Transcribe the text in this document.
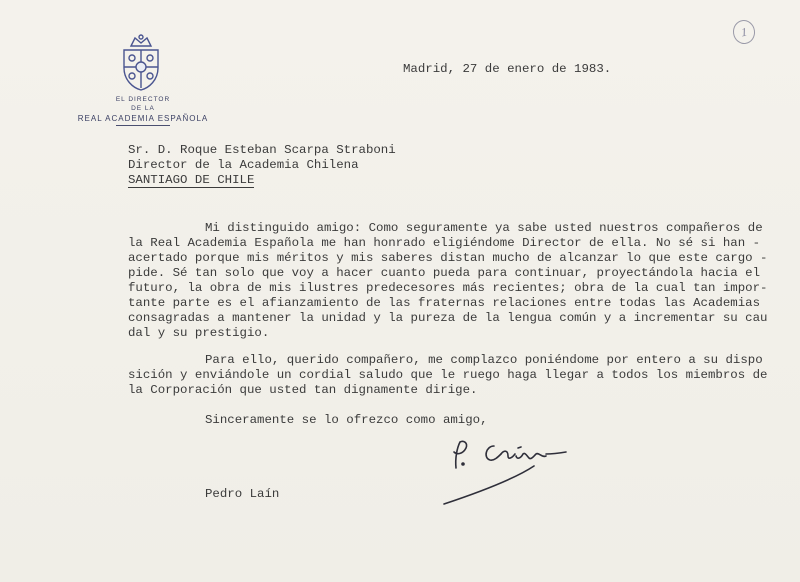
EL DIRECTOR
DE LA
REAL ACADEMIA ESPAÑOLA
1
Madrid, 27 de enero de 1983.
Sr. D. Roque Esteban Scarpa Straboni
Director de la Academia Chilena
SANTIAGO DE CHILE
Mi distinguido amigo: Como seguramente ya sabe usted nuestros compañeros de
la Real Academia Española me han honrado eligiéndome Director de ella. No sé si han -
acertado porque mis méritos y mis saberes distan mucho de alcanzar lo que este cargo -
pide. Sé tan solo que voy a hacer cuanto pueda para continuar, proyectándola hacia el
futuro, la obra de mis ilustres predecesores más recientes; obra de la cual tan impor-
tante parte es el afianzamiento de las fraternas relaciones entre todas las Academias
consagradas a mantener la unidad y la pureza de la lengua común y a incrementar su cau
dal y su prestigio.
Para ello, querido compañero, me complazco poniéndome por entero a su dispo
sición y enviándole un cordial saludo que le ruego haga llegar a todos los miembros de
la Corporación que usted tan dignamente dirige.
Sinceramente se lo ofrezco como amigo,
Pedro Laín
